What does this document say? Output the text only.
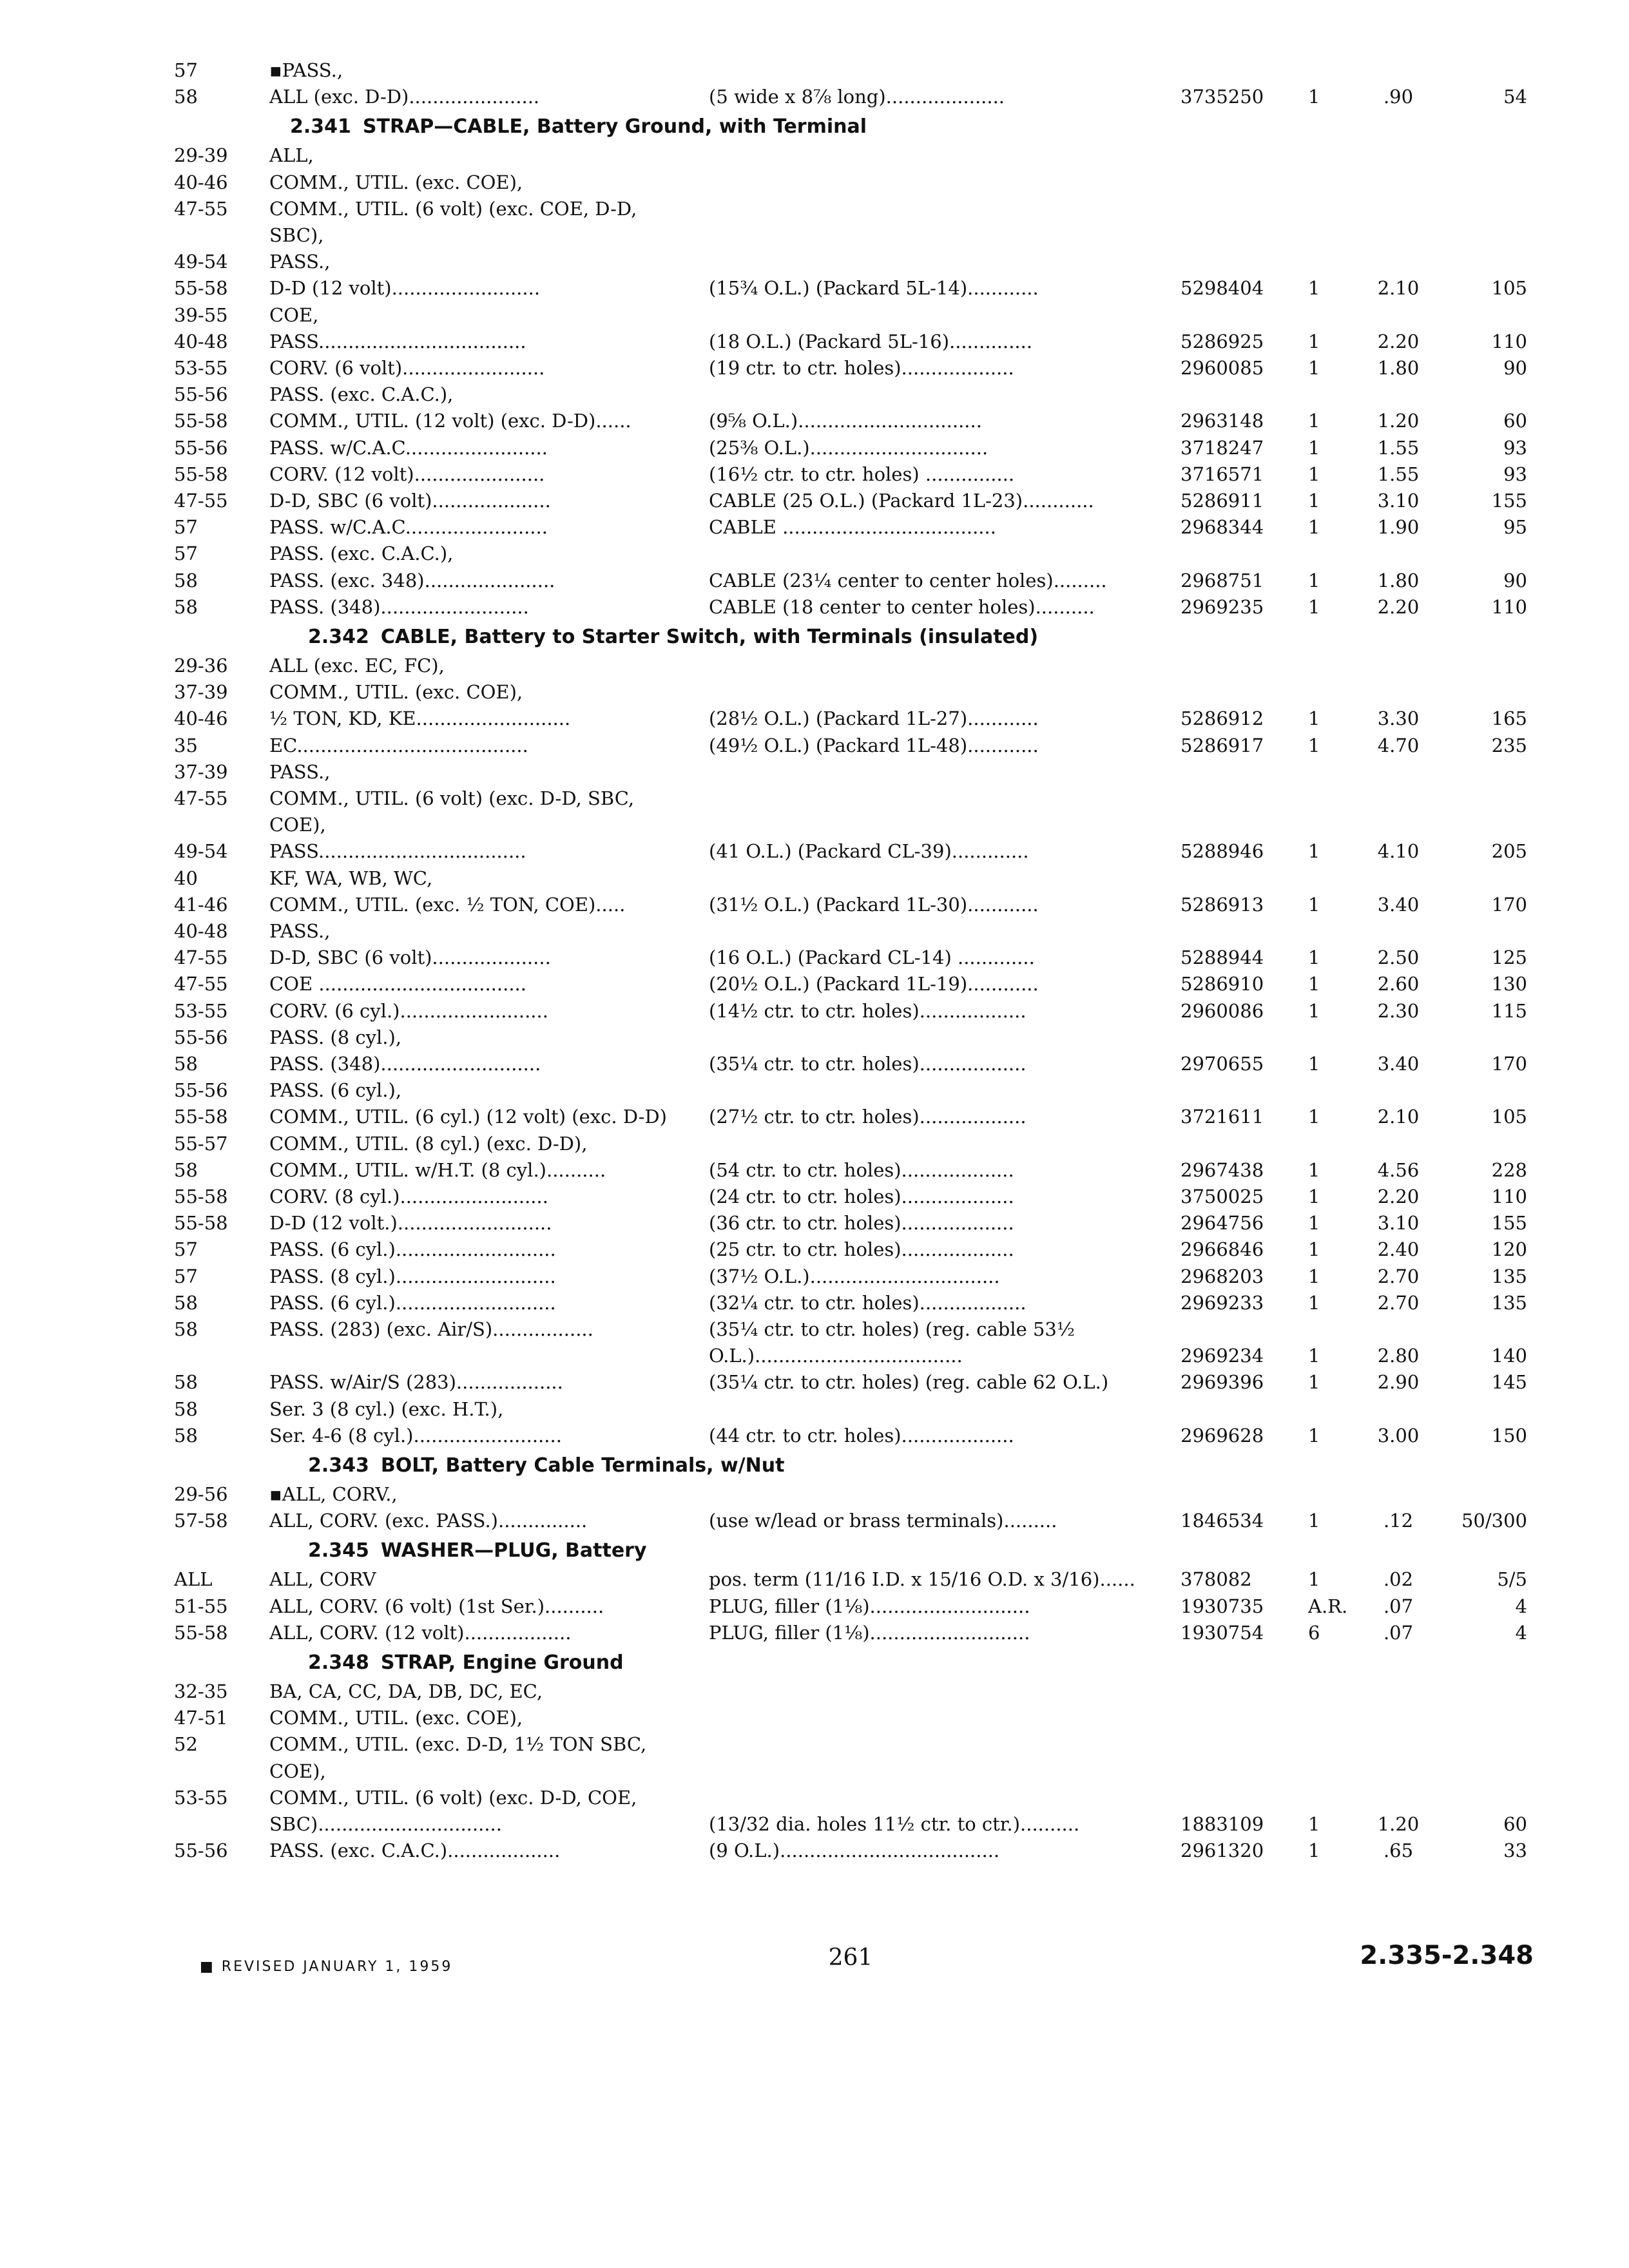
57	▪PASS.,
58	ALL (exc. D-D)......................	(5 wide x 8⅞ long)....................	3735250 1	.90	54
2.341 STRAP—CABLE, Battery Ground, with Terminal
29-39 ALL,
40-46 COMM., UTIL. (exc. COE),
47-55 COMM., UTIL. (6 volt) (exc. COE, D-D,
SBC),
49-54 PASS.,
55-58 D-D (12 volt).........................	(15¾ O.L.) (Packard 5L-14)............	5298404 1	2.10	105
39-55 COE,
40-48 PASS...................................	(18 O.L.) (Packard 5L-16)..............	5286925 1	2.20	110
53-55 CORV. (6 volt)........................	(19 ctr. to ctr. holes)...................	2960085 1	1.80	90
55-56 PASS. (exc. C.A.C.),
55-58 COMM., UTIL. (12 volt) (exc. D-D)......	(9⅝ O.L.)...............................	2963148 1	1.20	60
55-56 PASS. w/C.A.C........................	(25⅜ O.L.)..............................	3718247 1	1.55	93
55-58 CORV. (12 volt)......................	(16½ ctr. to ctr. holes) ...............	3716571 1	1.55	93
47-55 D-D, SBC (6 volt)....................	CABLE (25 O.L.) (Packard 1L-23)............	5286911 1	3.10	155
57	PASS. w/C.A.C........................	CABLE ....................................	2968344 1	1.90	95
57	PASS. (exc. C.A.C.),
58	PASS. (exc. 348)......................	CABLE (23¼ center to center holes).........	2968751 1	1.80	90
58	PASS. (348).........................	CABLE (18 center to center holes)..........	2969235 1	2.20	110
2.342 CABLE, Battery to Starter Switch, with Terminals (insulated)
29-36 ALL (exc. EC, FC),
37-39 COMM., UTIL. (exc. COE),
40-46 ½ TON, KD, KE..........................	(28½ O.L.) (Packard 1L-27)............	5286912 1	3.30	165
35	EC.......................................	(49½ O.L.) (Packard 1L-48)............	5286917 1	4.70	235
37-39 PASS.,
47-55 COMM., UTIL. (6 volt) (exc. D-D, SBC,
COE),
49-54 PASS...................................	(41 O.L.) (Packard CL-39).............	5288946 1	4.10	205
40	KF, WA, WB, WC,
41-46 COMM., UTIL. (exc. ½ TON, COE).....	(31½ O.L.) (Packard 1L-30)............	5286913 1	3.40	170
40-48 PASS.,
47-55 D-D, SBC (6 volt)....................	(16 O.L.) (Packard CL-14) .............	5288944 1	2.50	125
47-55 COE ...................................	(20½ O.L.) (Packard 1L-19)............	5286910 1	2.60	130
53-55 CORV. (6 cyl.).........................	(14½ ctr. to ctr. holes)..................	2960086 1	2.30	115
55-56 PASS. (8 cyl.),
58	PASS. (348)...........................	(35¼ ctr. to ctr. holes)..................	2970655 1	3.40	170
55-56 PASS. (6 cyl.),
55-58 COMM., UTIL. (6 cyl.) (12 volt) (exc. D-D)	(27½ ctr. to ctr. holes)..................	3721611 1	2.10	105
55-57 COMM., UTIL. (8 cyl.) (exc. D-D),
58	COMM., UTIL. w/H.T. (8 cyl.)..........	(54 ctr. to ctr. holes)...................	2967438 1	4.56	228
55-58 CORV. (8 cyl.).........................	(24 ctr. to ctr. holes)...................	3750025 1	2.20	110
55-58 D-D (12 volt.)..........................	(36 ctr. to ctr. holes)...................	2964756 1	3.10	155
57	PASS. (6 cyl.)...........................	(25 ctr. to ctr. holes)...................	2966846 1	2.40	120
57	PASS. (8 cyl.)...........................	(37½ O.L.)................................	2968203 1	2.70	135
58	PASS. (6 cyl.)...........................	(32¼ ctr. to ctr. holes)..................	2969233 1	2.70	135
58	PASS. (283) (exc. Air/S).................	(35¼ ctr. to ctr. holes) (reg. cable 53½
O.L.)...................................	2969234 1	2.80	140
58	PASS. w/Air/S (283)..................	(35¼ ctr. to ctr. holes) (reg. cable 62 O.L.)	2969396 1	2.90	145
58	Ser. 3 (8 cyl.) (exc. H.T.),
58	Ser. 4-6 (8 cyl.).........................	(44 ctr. to ctr. holes)...................	2969628 1	3.00	150
2.343 BOLT, Battery Cable Terminals, w/Nut
29-56 ▪ALL, CORV.,
57-58 ALL, CORV. (exc. PASS.)...............	(use w/lead or brass terminals).........	1846534 1	.12	50/300
2.345 WASHER—PLUG, Battery
ALL	ALL, CORV	pos. term (11/16 I.D. x 15/16 O.D. x 3/16)......	378082	1	.02	5/5
51-55 ALL, CORV. (6 volt) (1st Ser.)..........	PLUG, filler (1⅛)...........................	1930735 A.R.	.07	4
55-58 ALL, CORV. (12 volt)..................	PLUG, filler (1⅛)...........................	1930754 6	.07	4
2.348 STRAP, Engine Ground
32-35 BA, CA, CC, DA, DB, DC, EC,
47-51 COMM., UTIL. (exc. COE),
52	COMM., UTIL. (exc. D-D, 1½ TON SBC,
COE),
53-55 COMM., UTIL. (6 volt) (exc. D-D, COE,
SBC)...............................	(13/32 dia. holes 11½ ctr. to ctr.)..........	1883109 1	1.20	60
55-56 PASS. (exc. C.A.C.)...................	(9 O.L.).....................................	2961320 1	.65	33
■ REVISED JANUARY 1, 1959	261	2.335-2.348
